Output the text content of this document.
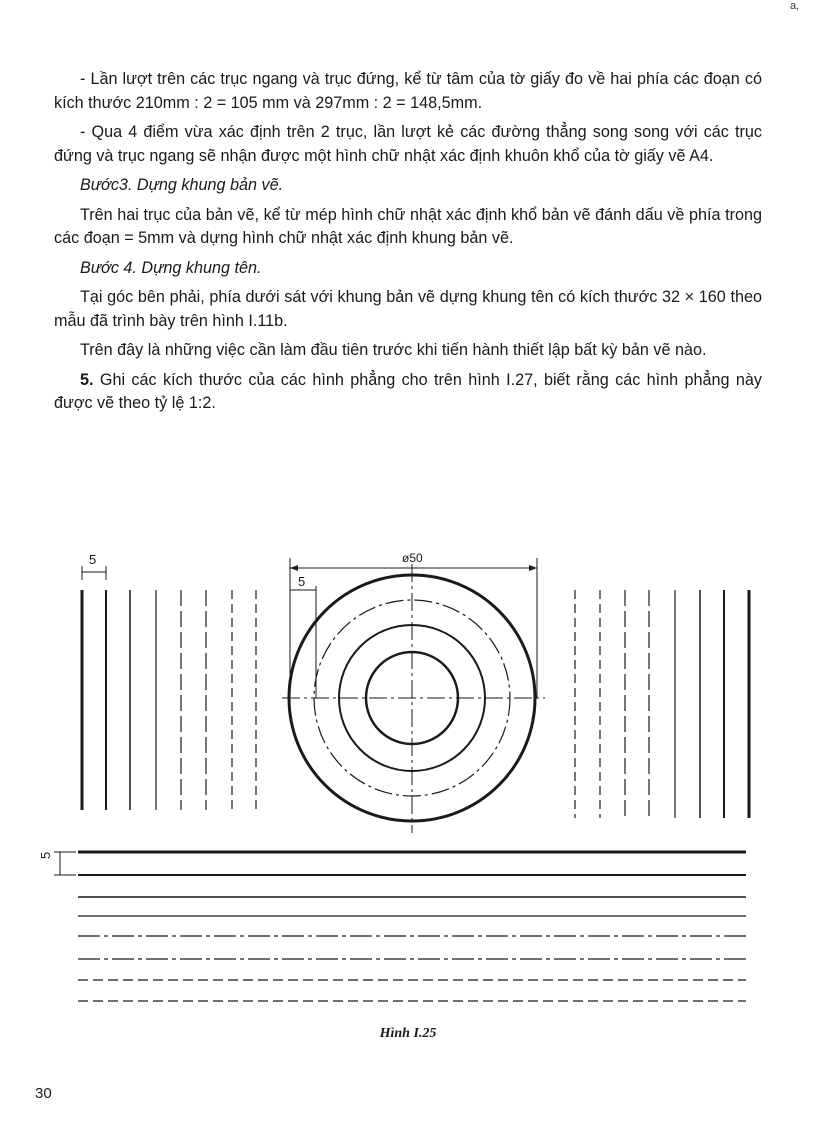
a,

- Lần lượt trên các trục ngang và trục đứng, kể từ tâm của tờ giấy đo về hai phía các đoạn có kích thước 210mm : 2 = 105 mm và 297mm : 2 = 148,5mm.

- Qua 4 điểm vừa xác định trên 2 trục, lần lượt kẻ các đường thẳng song song với các trục đứng và trục ngang sẽ nhận được một hình chữ nhật xác định khuôn khổ của tờ giấy vẽ A4.

Bước3. Dựng khung bản vẽ.

Trên hai trục của bản vẽ, kể từ mép hình chữ nhật xác định khổ bản vẽ đánh dấu về phía trong các đoạn = 5mm và dựng hình chữ nhật xác định khung bản vẽ.

Bước 4. Dựng khung tên.

Tại góc bên phải, phía dưới sát với khung bản vẽ dựng khung tên có kích thước 32 × 160 theo mẫu đã trình bày trên hình I.11b.

Trên đây là những việc cần làm đầu tiên trước khi tiến hành thiết lập bất kỳ bản vẽ nào.

5. Ghi các kích thước của các hình phẳng cho trên hình I.27, biết rằng các hình phẳng này được vẽ theo tỷ lệ 1:2.

5	ø50
5
5
Hình I.25
30
